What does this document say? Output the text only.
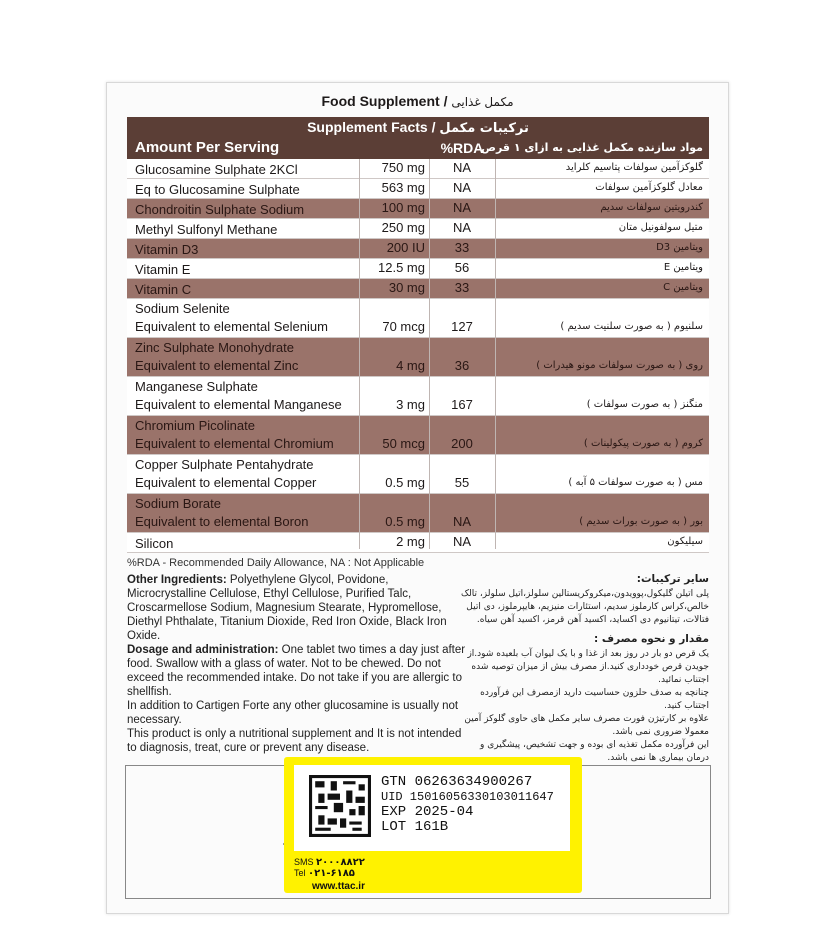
Food Supplement / مکمل غذایی
Supplement Facts / ترکیبات مکمل
Amount Per Serving	%RDA
مواد سازنده مکمل غذایی به ازای ۱ قرص
Glucosamine Sulphate 2KCl	750 mg	NA	گلوکزآمین سولفات پتاسیم کلراید
Eq to Glucosamine Sulphate	563 mg	NA	معادل گلوکزآمین سولفات
Chondroitin Sulphate Sodium	100 mg	NA	کندرویتین سولفات سدیم
Methyl Sulfonyl Methane	250 mg	NA	متیل سولفونیل متان
Vitamin D3	200 IU	33	ویتامین D3
Vitamin E	12.5 mg	56	ویتامین E
Vitamin C	30 mg	33	ویتامین C
Sodium Selenite
Equivalent to elemental Selenium	70 mcg	127	سلنیوم ( به صورت سلنیت سدیم )
Zinc Sulphate Monohydrate
Equivalent to elemental Zinc	4 mg	36	روی ( به صورت سولفات مونو هیدرات )
Manganese Sulphate
Equivalent to elemental Manganese	3 mg	167	منگنز ( به صورت سولفات )
Chromium Picolinate
Equivalent to elemental Chromium	50 mcg	200	کروم ( به صورت پیکولینات )
Copper Sulphate Pentahydrate
Equivalent to elemental Copper	0.5 mg	55	مس ( به صورت سولفات ۵ آبه )
Sodium Borate
Equivalent to elemental Boron	0.5 mg	NA	بور ( به صورت بورات سدیم )
Silicon	2 mg	NA	سیلیکون
%RDA - Recommended Daily Allowance, NA : Not Applicable

Other Ingredients: Polyethylene Glycol, Povidone, Microcrystalline Cellulose, Ethyl Cellulose, Purified Talc, Croscarmellose Sodium, Magnesium Stearate, Hypromellose, Diethyl Phthalate, Titanium Dioxide, Red Iron Oxide, Black Iron Oxide.

Dosage and administration: One tablet two times a day just after food. Swallow with a glass of water. Not to be chewed. Do not exceed the recommended intake. Do not take if you are allergic to shellfish.

In addition to Cartigen Forte any other glucosamine is usually not necessary.

This product is only a nutritional supplement and It is not intended to diagnosis, treat, cure or prevent any disease.

سایر ترکیبات:
پلی اتیلن گلیکول،پوویدون،میکروکریستالین سلولز،اتیل سلولز، تالک خالص،کراس کارملوز سدیم، استئارات منیزیم، هایپرملوز، دی اتیل فتالات، تیتانیوم دی اکساید، اکسید آهن قرمز، اکسید آهن سیاه.
مقدار و نحوه مصرف :
یک قرص دو بار در روز بعد از غذا و با یک لیوان آب بلعیده شود.از جویدن قرص خودداری کنید.از مصرف بیش از میزان توصیه شده اجتناب نمائید.
چنانچه به صدف حلزون حساسیت دارید ازمصرف این فرآورده اجتناب کنید.
علاوه بر کارتیژن فورت مصرف سایر مکمل های حاوی گلوکز آمین معمولا ضروری نمی باشد.
این فرآورده مکمل تغذیه ای بوده و جهت تشخیص، پیشگیری و درمان بیماری ها نمی باشد.
GTN 06263634900267
UID 15016056330103011647
EXP 2025-04
LOT 161B
SMS ۲۰۰۰۸۸۲۲
Tel ۰۲۱-۶۱۸۵
www.ttac.ir
